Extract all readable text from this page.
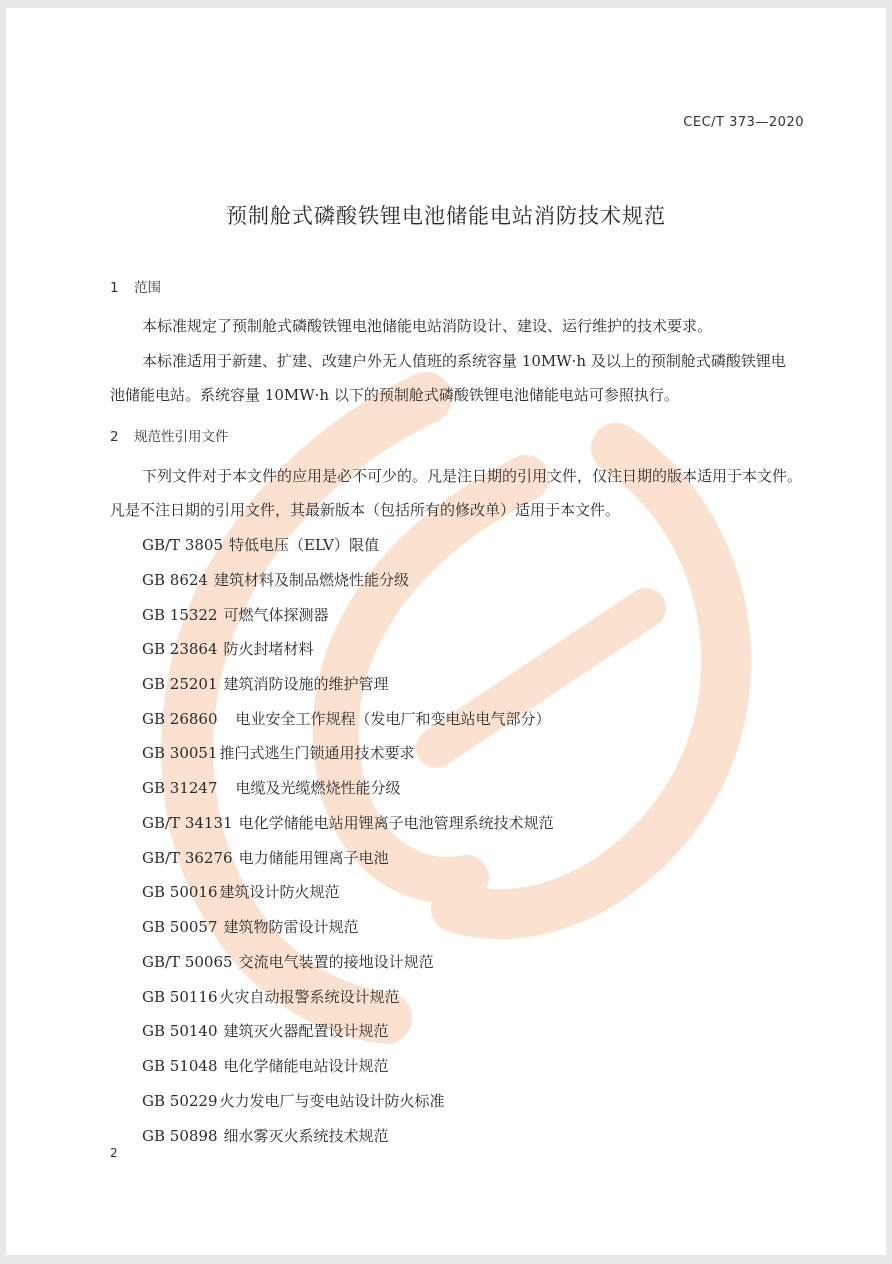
CEC/T 373—2020
预制舱式磷酸铁锂电池储能电站消防技术规范
1 范围
本标准规定了预制舱式磷酸铁锂电池储能电站消防设计、建设、运行维护的技术要求。
本标准适用于新建、扩建、改建户外无人值班的系统容量 10MW·h 及以上的预制舱式磷酸铁锂电
池储能电站。系统容量 10MW·h 以下的预制舱式磷酸铁锂电池储能电站可参照执行。
2 规范性引用文件
下列文件对于本文件的应用是必不可少的。凡是注日期的引用文件，仅注日期的版本适用于本文件。
凡是不注日期的引用文件，其最新版本（包括所有的修改单）适用于本文件。
GB/T 3805 特低电压（ELV）限值
GB 8624 建筑材料及制品燃烧性能分级
GB 15322 可燃气体探测器
GB 23864 防火封堵材料
GB 25201 建筑消防设施的维护管理
GB 26860 电业安全工作规程（发电厂和变电站电气部分）
GB 30051 推闩式逃生门锁通用技术要求
GB 31247 电缆及光缆燃烧性能分级
GB/T 34131 电化学储能电站用锂离子电池管理系统技术规范
GB/T 36276 电力储能用锂离子电池
GB 50016 建筑设计防火规范
GB 50057 建筑物防雷设计规范
GB/T 50065 交流电气装置的接地设计规范
GB 50116 火灾自动报警系统设计规范
GB 50140 建筑灭火器配置设计规范
GB 51048 电化学储能电站设计规范
GB 50229 火力发电厂与变电站设计防火标准
GB 50898 细水雾灭火系统技术规范
2
